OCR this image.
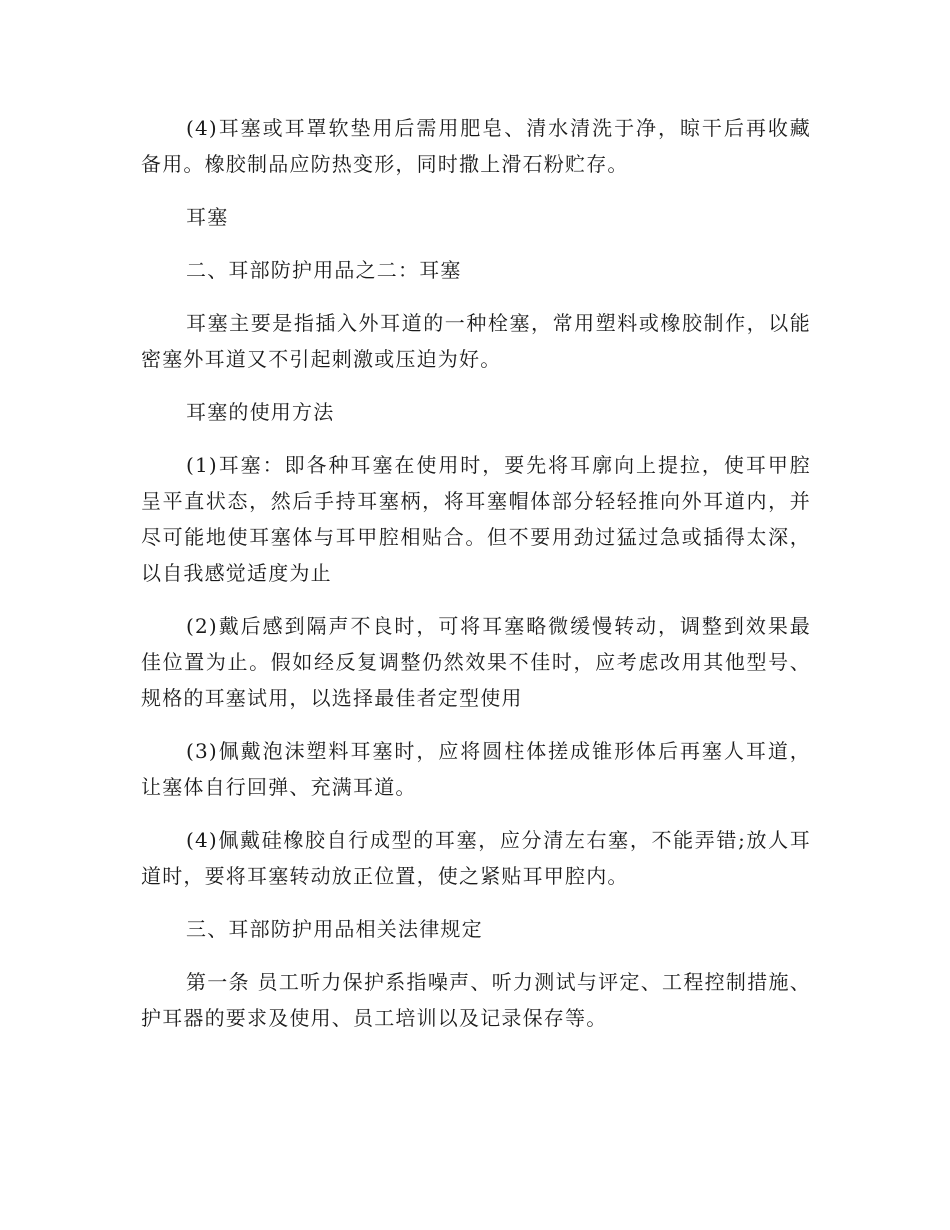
(4)耳塞或耳罩软垫用后需用肥皂、清水清洗于净，晾干后再收藏备用。橡胶制品应防热变形，同时撒上滑石粉贮存。

耳塞

二、耳部防护用品之二：耳塞

耳塞主要是指插入外耳道的一种栓塞，常用塑料或橡胶制作，以能密塞外耳道又不引起刺激或压迫为好。

耳塞的使用方法

(1)耳塞：即各种耳塞在使用时，要先将耳廓向上提拉，使耳甲腔呈平直状态，然后手持耳塞柄，将耳塞帽体部分轻轻推向外耳道内，并尽可能地使耳塞体与耳甲腔相贴合。但不要用劲过猛过急或插得太深，以自我感觉适度为止

(2)戴后感到隔声不良时，可将耳塞略微缓慢转动，调整到效果最佳位置为止。假如经反复调整仍然效果不佳时，应考虑改用其他型号、规格的耳塞试用，以选择最佳者定型使用

(3)佩戴泡沫塑料耳塞时，应将圆柱体搓成锥形体后再塞人耳道，让塞体自行回弹、充满耳道。

(4)佩戴硅橡胶自行成型的耳塞，应分清左右塞，不能弄错;放人耳道时，要将耳塞转动放正位置，使之紧贴耳甲腔内。

三、耳部防护用品相关法律规定

第一条 员工听力保护系指噪声、听力测试与评定、工程控制措施、护耳器的要求及使用、员工培训以及记录保存等。
